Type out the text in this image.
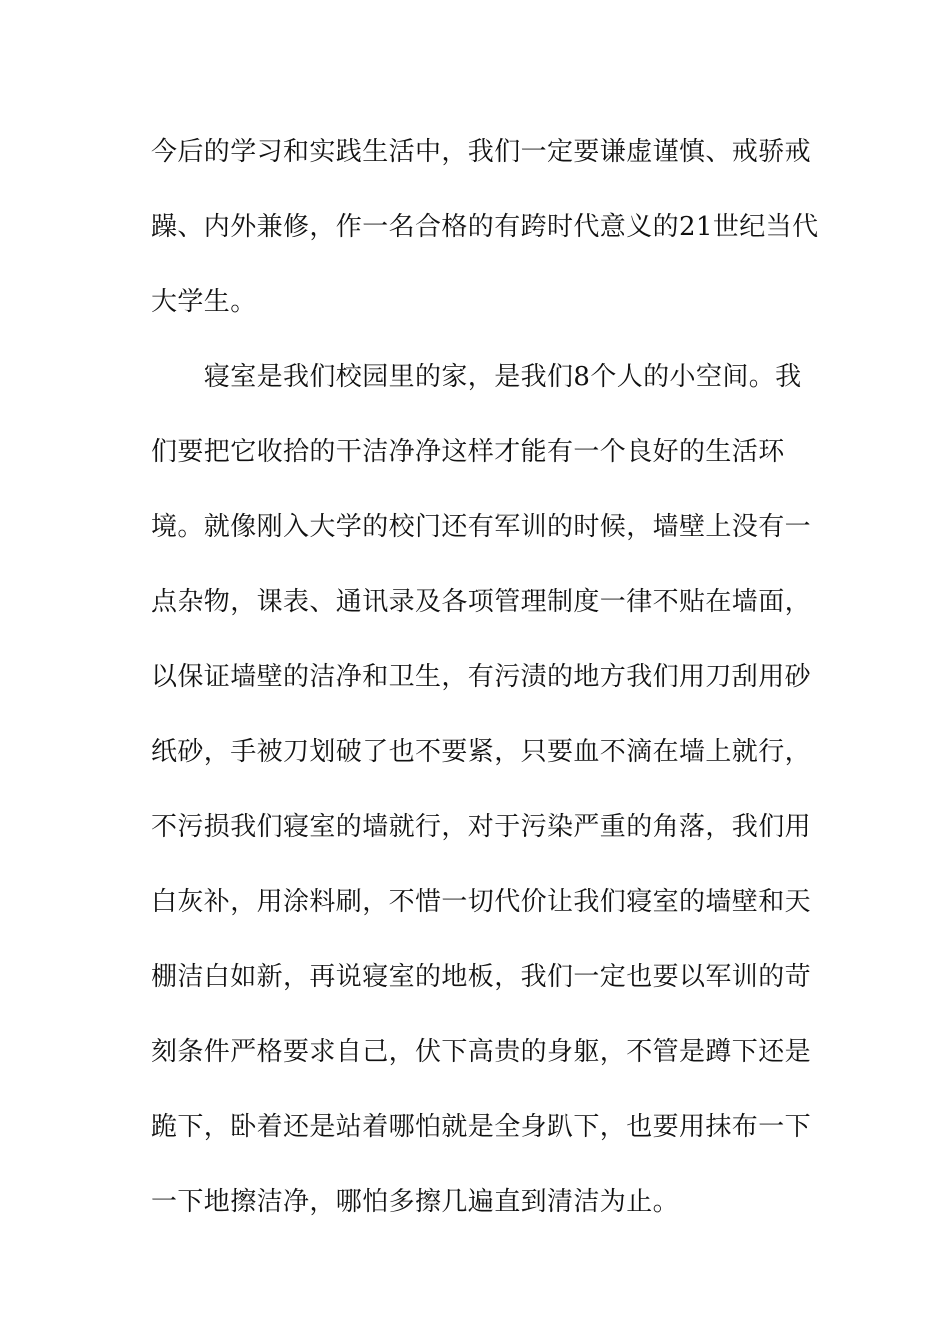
今后的学习和实践生活中，我们一定要谦虚谨慎、戒骄戒
躁、内外兼修，作一名合格的有跨时代意义的21世纪当代
大学生。
　　寝室是我们校园里的家，是我们8个人的小空间。我
们要把它收拾的干洁净净这样才能有一个良好的生活环
境。就像刚入大学的校门还有军训的时候，墙壁上没有一
点杂物，课表、通讯录及各项管理制度一律不贴在墙面，
以保证墙壁的洁净和卫生，有污渍的地方我们用刀刮用砂
纸砂，手被刀划破了也不要紧，只要血不滴在墙上就行，
不污损我们寝室的墙就行，对于污染严重的角落，我们用
白灰补，用涂料刷，不惜一切代价让我们寝室的墙壁和天
棚洁白如新，再说寝室的地板，我们一定也要以军训的苛
刻条件严格要求自己，伏下高贵的身躯，不管是蹲下还是
跪下，卧着还是站着哪怕就是全身趴下，也要用抹布一下
一下地擦洁净，哪怕多擦几遍直到清洁为止。
